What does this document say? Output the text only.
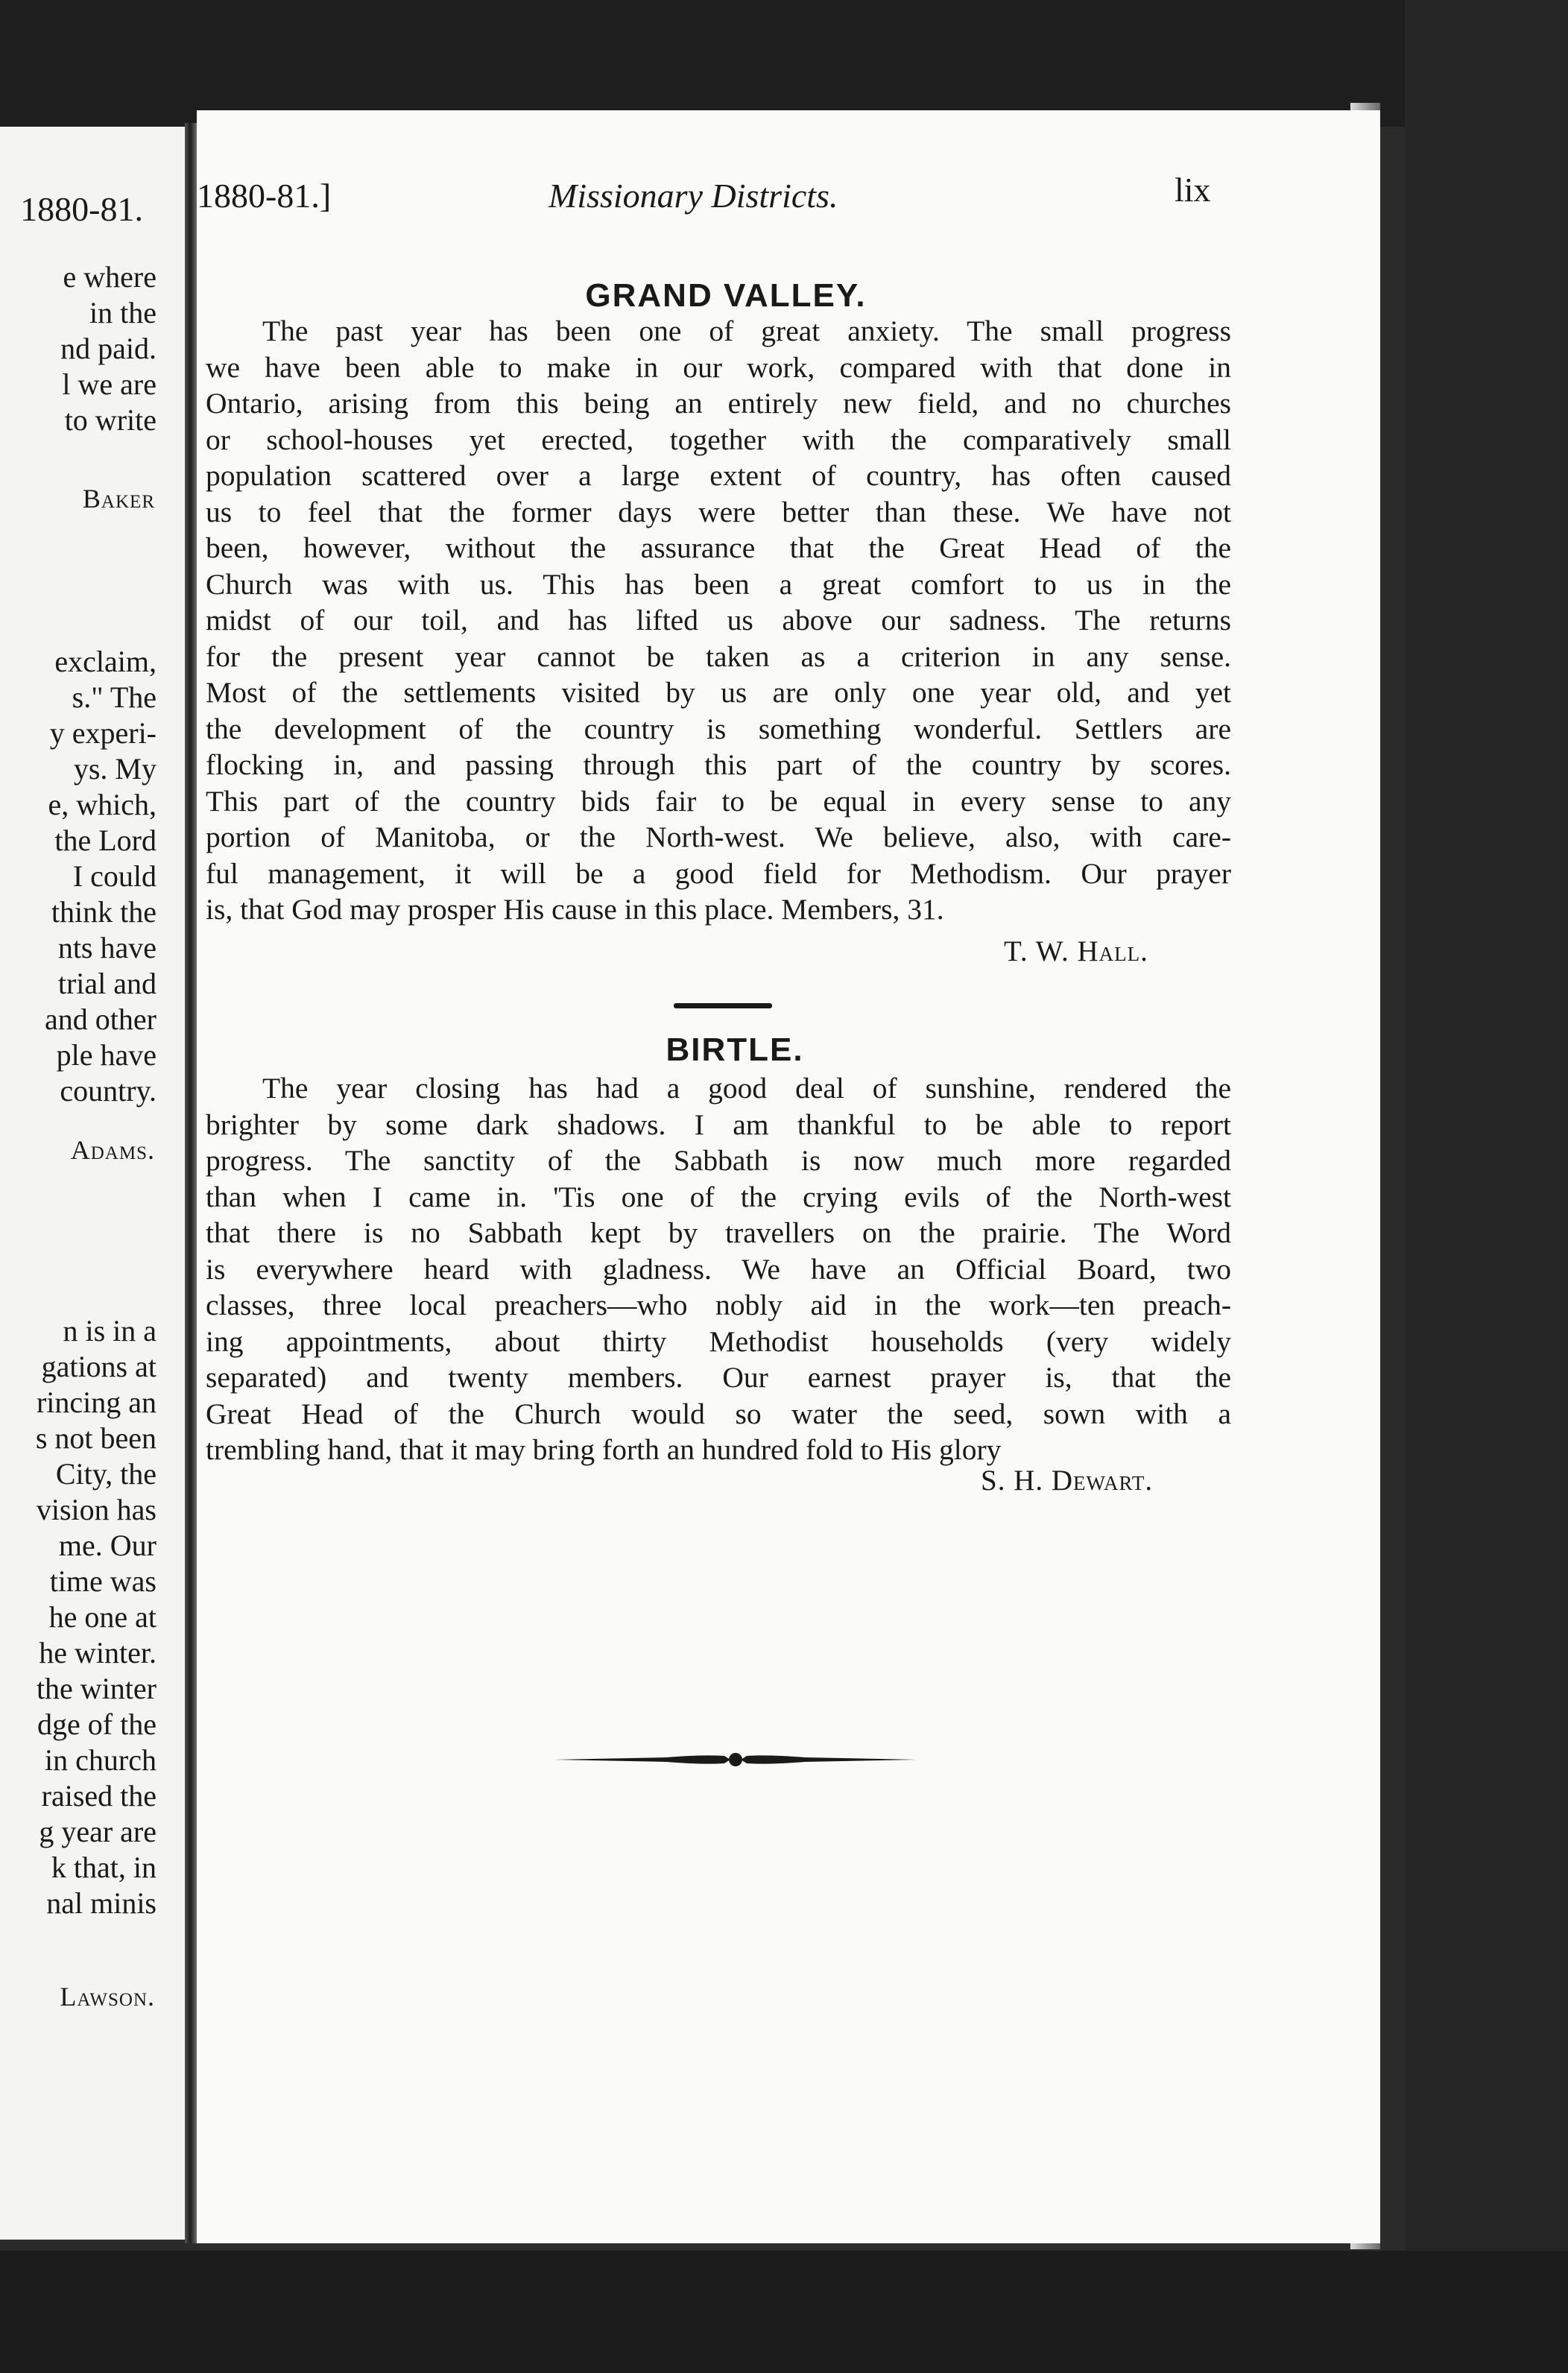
1880-81.
e where
in the
nd paid.
l we are
to write
exclaim,
s." The
y experi-
ys. My
e, which,
the Lord
I could
think the
nts have
trial and
and other
ple have
country.
n is in a
gations at
rincing an
s not been
City, the
vision has
me. Our
time was
he one at
he winter.
the winter
dge of the
in church
raised the
g year are
k that, in
nal minis
Baker
Adams.
Lawson.
1880-81.]	Missionary Districts.	lix
GRAND VALLEY.
The past year has been one of great anxiety. The small progress
we have been able to make in our work, compared with that done in
Ontario, arising from this being an entirely new field, and no churches
or school-houses yet erected, together with the comparatively small
population scattered over a large extent of country, has often caused
us to feel that the former days were better than these. We have not
been, however, without the assurance that the Great Head of the
Church was with us. This has been a great comfort to us in the
midst of our toil, and has lifted us above our sadness. The returns
for the present year cannot be taken as a criterion in any sense.
Most of the settlements visited by us are only one year old, and yet
the development of the country is something wonderful. Settlers are
flocking in, and passing through this part of the country by scores.
This part of the country bids fair to be equal in every sense to any
portion of Manitoba, or the North-west. We believe, also, with care-
ful management, it will be a good field for Methodism. Our prayer
is, that God may prosper His cause in this place. Members, 31.
T. W. Hall.
BIRTLE.
The year closing has had a good deal of sunshine, rendered the
brighter by some dark shadows. I am thankful to be able to report
progress. The sanctity of the Sabbath is now much more regarded
than when I came in. 'Tis one of the crying evils of the North-west
that there is no Sabbath kept by travellers on the prairie. The Word
is everywhere heard with gladness. We have an Official Board, two
classes, three local preachers—who nobly aid in the work—ten preach-
ing appointments, about thirty Methodist households (very widely
separated) and twenty members. Our earnest prayer is, that the
Great Head of the Church would so water the seed, sown with a
trembling hand, that it may bring forth an hundred fold to His glory
S. H. Dewart.
